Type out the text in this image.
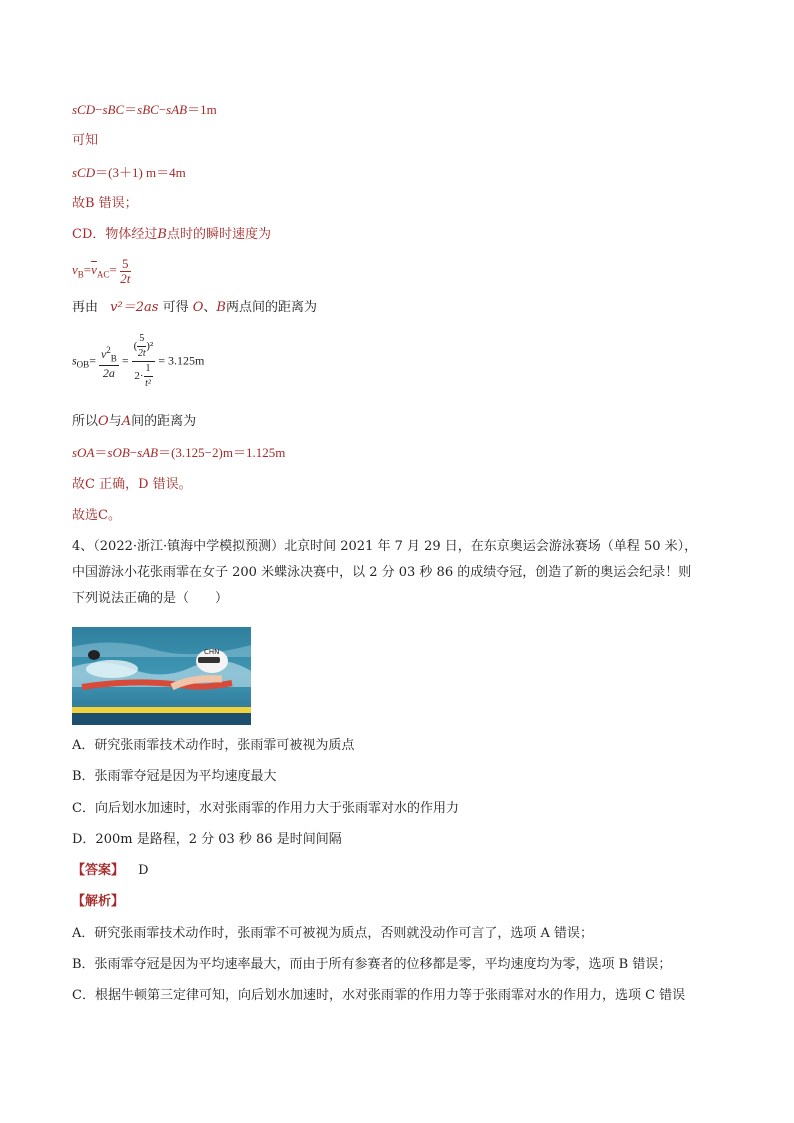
sCD−sBC＝sBC−sAB＝1m
可知
sCD＝(3＋1) m＝4m
故B 错误；
CD．物体经过B点时的瞬时速度为
$v_B=\overline{v}_{AC}= \frac{5}{2t}$
再由 v²＝2as 可得 O、B两点间的距离为
$s_{OB}= \frac{v^2_B}{2a} = \frac{( \frac{5}{2t} )^2}{2\cdot \frac{1}{\text{t²}}} = 3.125m$
所以O与A间的距离为
sOA＝sOB−sAB＝(3.125−2)m＝1.125m
故C 正确，D 错误。
故选C。
4、（2022·浙江·镇海中学模拟预测）北京时间 2021 年 7 月 29 日，在东京奥运会游泳赛场（单程 50 米），
中国游泳小花张雨霏在女子 200 米蝶泳决赛中，以 2 分 03 秒 86 的成绩夺冠，创造了新的奥运会纪录！则
下列说法正确的是（　　）
CHN
A．研究张雨霏技术动作时，张雨霏可被视为质点
B．张雨霏夺冠是因为平均速度最大
C．向后划水加速时，水对张雨霏的作用力大于张雨霏对水的作用力
D．200m 是路程，2 分 03 秒 86 是时间间隔
【答案】 D
【解析】
A．研究张雨霏技术动作时，张雨霏不可被视为质点，否则就没动作可言了，选项 A 错误；
B．张雨霏夺冠是因为平均速率最大，而由于所有参赛者的位移都是零，平均速度均为零，选项 B 错误；
C．根据牛顿第三定律可知，向后划水加速时，水对张雨霏的作用力等于张雨霏对水的作用力，选项 C 错误
